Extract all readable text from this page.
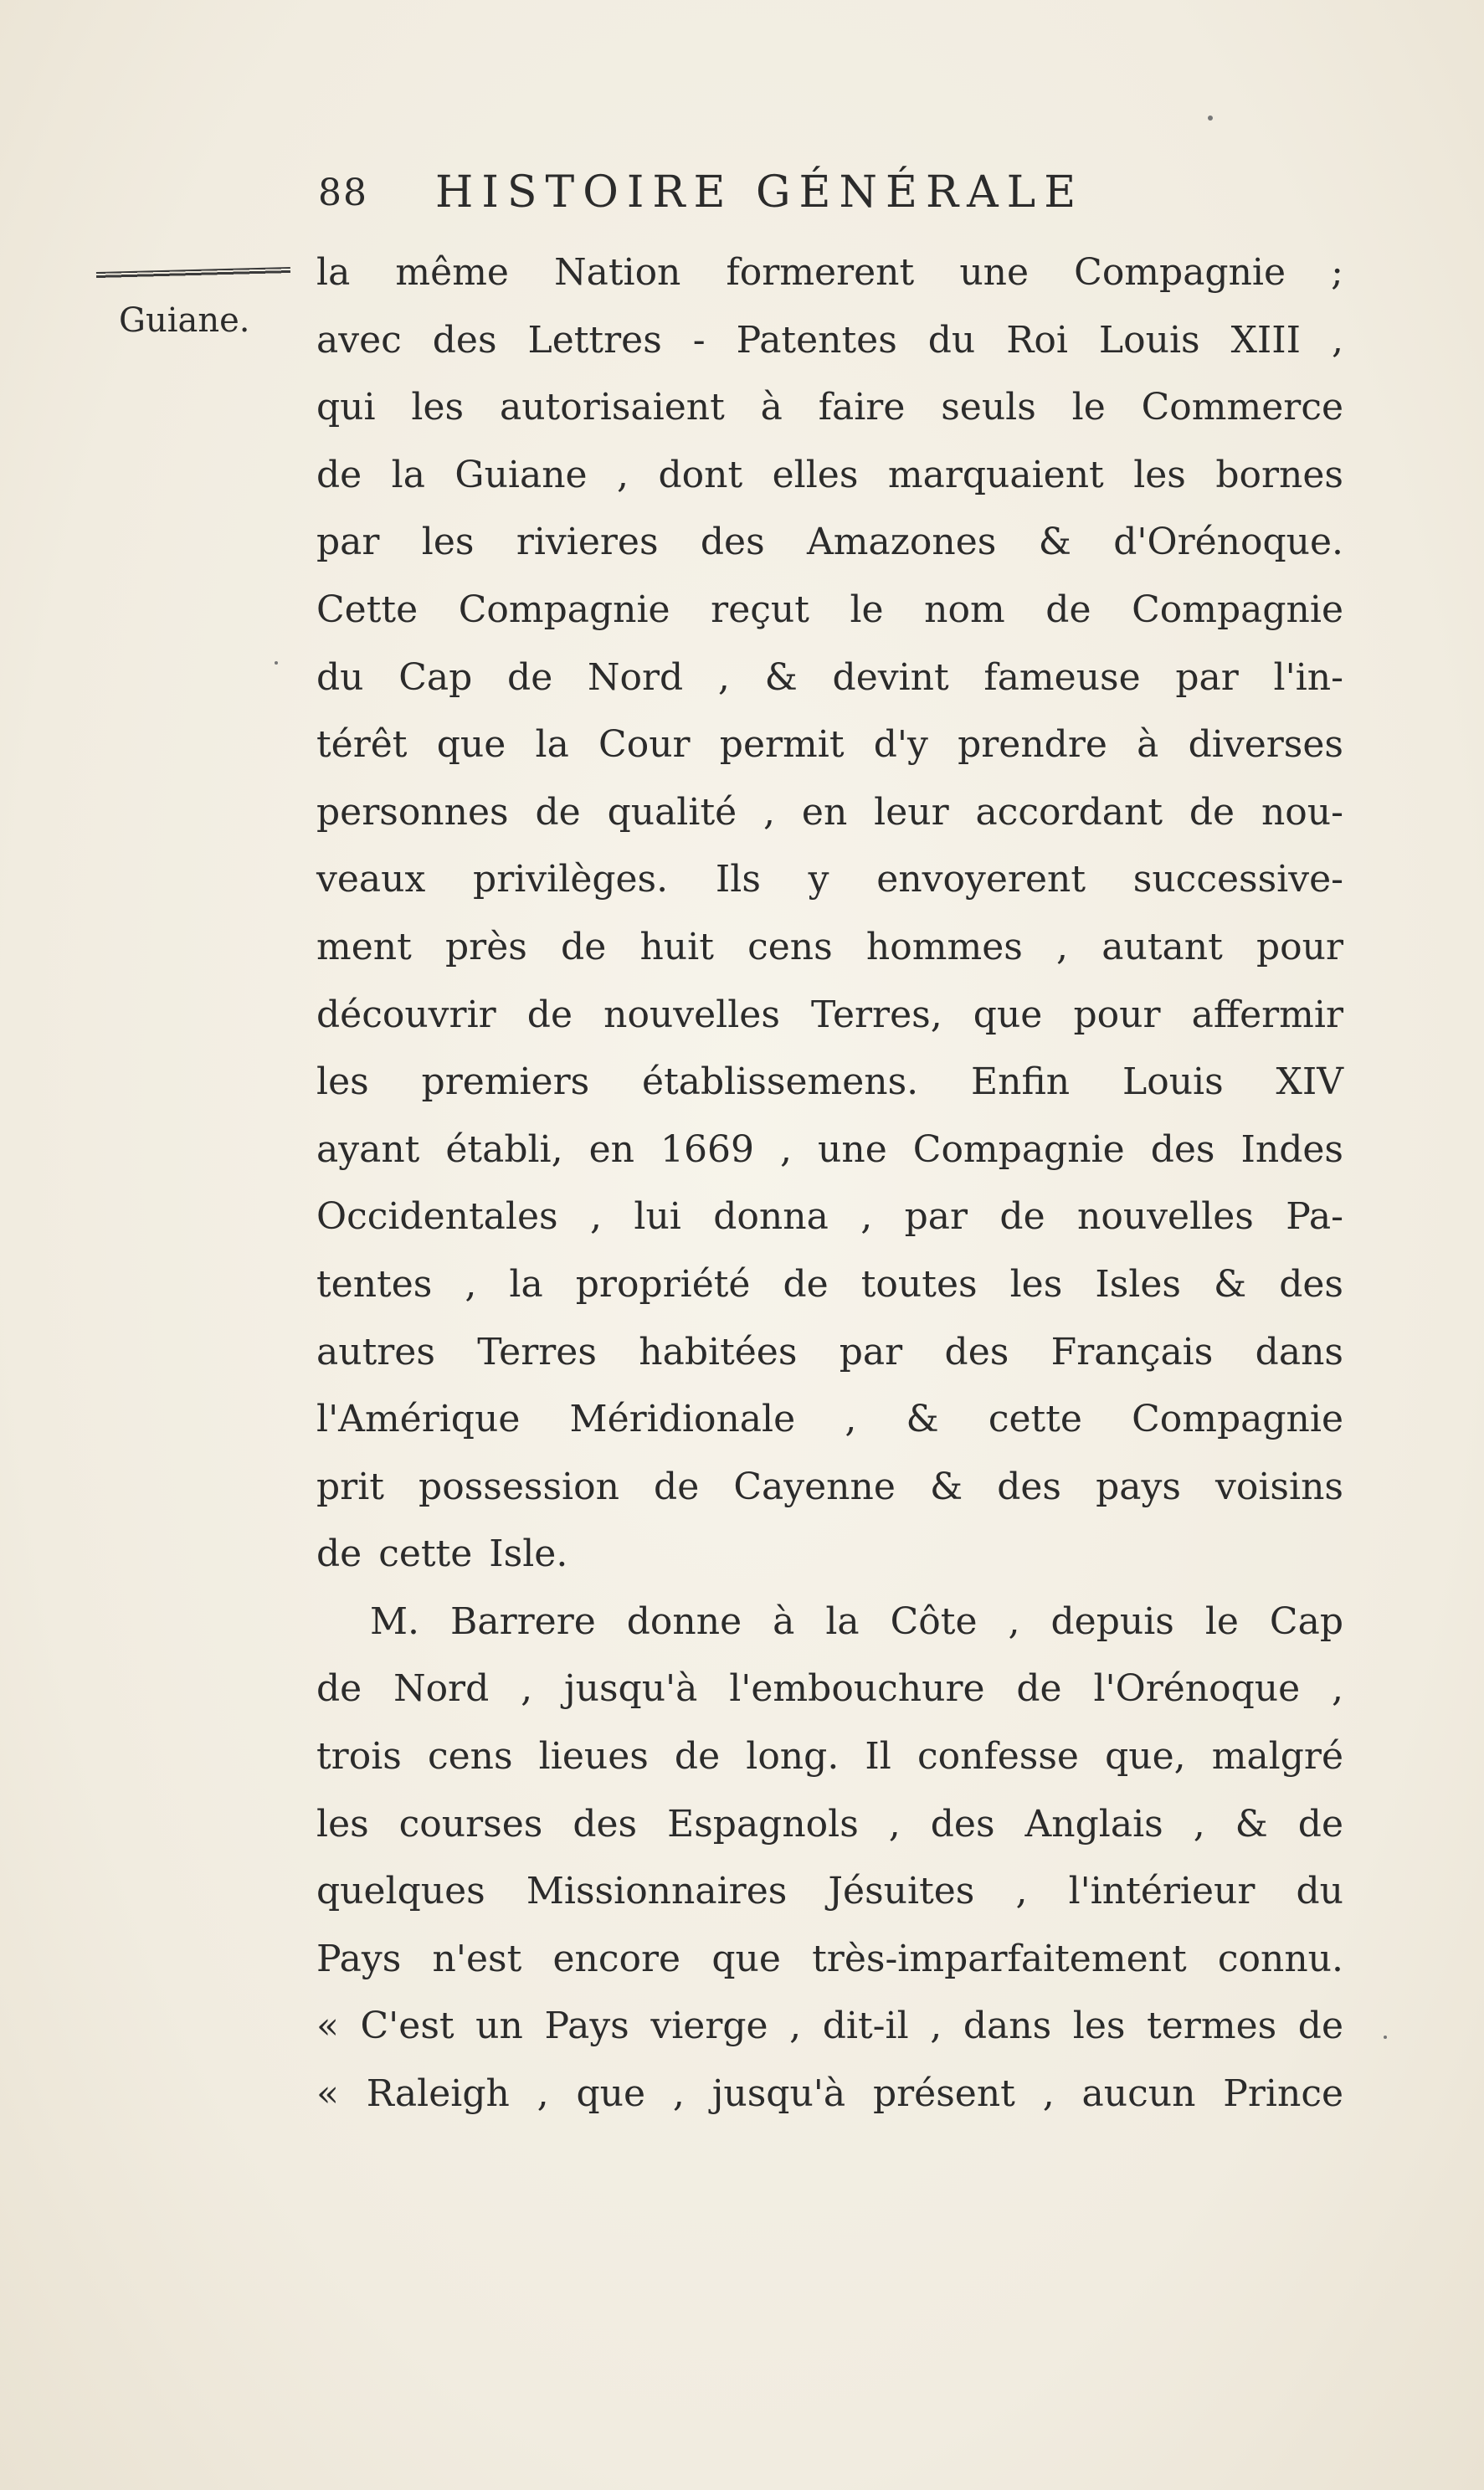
88	HISTOIRE GÉNÉRALE
Guiane.
la même Nation formerent une Compagnie ;
avec des Lettres - Patentes du Roi Louis XIII ,
qui les autorisaient à faire seuls le Commerce
de la Guiane , dont elles marquaient les bornes
par les rivieres des Amazones & d'Orénoque.
Cette Compagnie reçut le nom de Compagnie
du Cap de Nord , & devint fameuse par l'in-
térêt que la Cour permit d'y prendre à diverses
personnes de qualité , en leur accordant de nou-
veaux privilèges. Ils y envoyerent successive-
ment près de huit cens hommes , autant pour
découvrir de nouvelles Terres, que pour affermir
les premiers établissemens. Enfin Louis XIV
ayant établi, en 1669 , une Compagnie des Indes
Occidentales , lui donna , par de nouvelles Pa-
tentes , la propriété de toutes les Isles & des
autres Terres habitées par des Français dans
l'Amérique Méridionale , & cette Compagnie
prit possession de Cayenne & des pays voisins
de cette Isle.
M. Barrere donne à la Côte , depuis le Cap
de Nord , jusqu'à l'embouchure de l'Orénoque ,
trois cens lieues de long. Il confesse que, malgré
les courses des Espagnols , des Anglais , & de
quelques Missionnaires Jésuites , l'intérieur du
Pays n'est encore que très-imparfaitement connu.
« C'est un Pays vierge , dit-il , dans les termes de
« Raleigh , que , jusqu'à présent , aucun Prince
